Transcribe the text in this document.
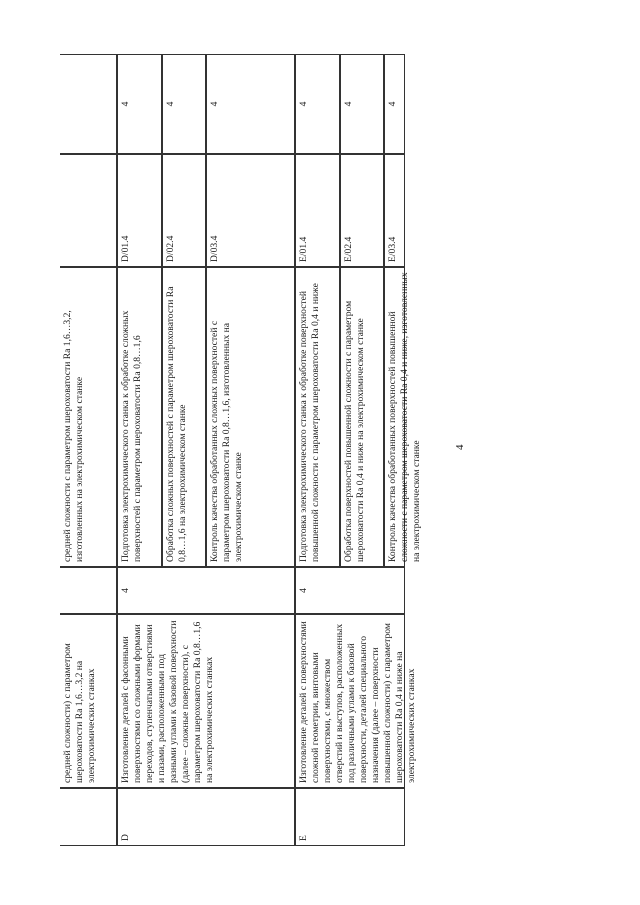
4
средней сложности) с параметром шероховатости Ra 1,6…3,2 на электрохимических станках
средней сложности с параметром шероховатости Ra 1,6…3,2, изготовленных на электрохимическом станке
D
Изготовление деталей с фасонными поверхностями со сложными формами переходов, ступенчатыми отверстиями и пазами, расположенными под разными углами к базовой поверхности (далее – сложные поверхности), с параметром шероховатости Ra 0,8…1,6 на электрохимических станках
4
Подготовка электрохимического станка к обработке сложных поверхностей с параметром шероховатости Ra 0,8…1,6
D/01.4
4
Обработка сложных поверхностей с параметром шероховатости Ra 0,8…1,6 на электрохимическом станке
D/02.4
4
Контроль качества обработанных сложных поверхностей с параметром шероховатости Ra 0,8…1,6, изготовленных на электрохимическом станке
D/03.4
4
E
Изготовление деталей с поверхностями сложной геометрии, винтовыми поверхностями, с множеством отверстий и выступов, расположенных под различными углами к базовой поверхности, деталей специального назначения (далее – поверхности повышенной сложности) с параметром шероховатости Ra 0,4 и ниже на электрохимических станках
4
Подготовка электрохимического станка к обработке поверхностей повышенной сложности с параметром шероховатости Ra 0,4 и ниже
E/01.4
4
Обработка поверхностей повышенной сложности с параметром шероховатости Ra 0,4 и ниже на электрохимическом станке
E/02.4
4
Контроль качества обработанных поверхностей повышенной сложности с параметром шероховатости Ra 0,4 и ниже, изготовленных на электрохимическом станке
E/03.4
4
